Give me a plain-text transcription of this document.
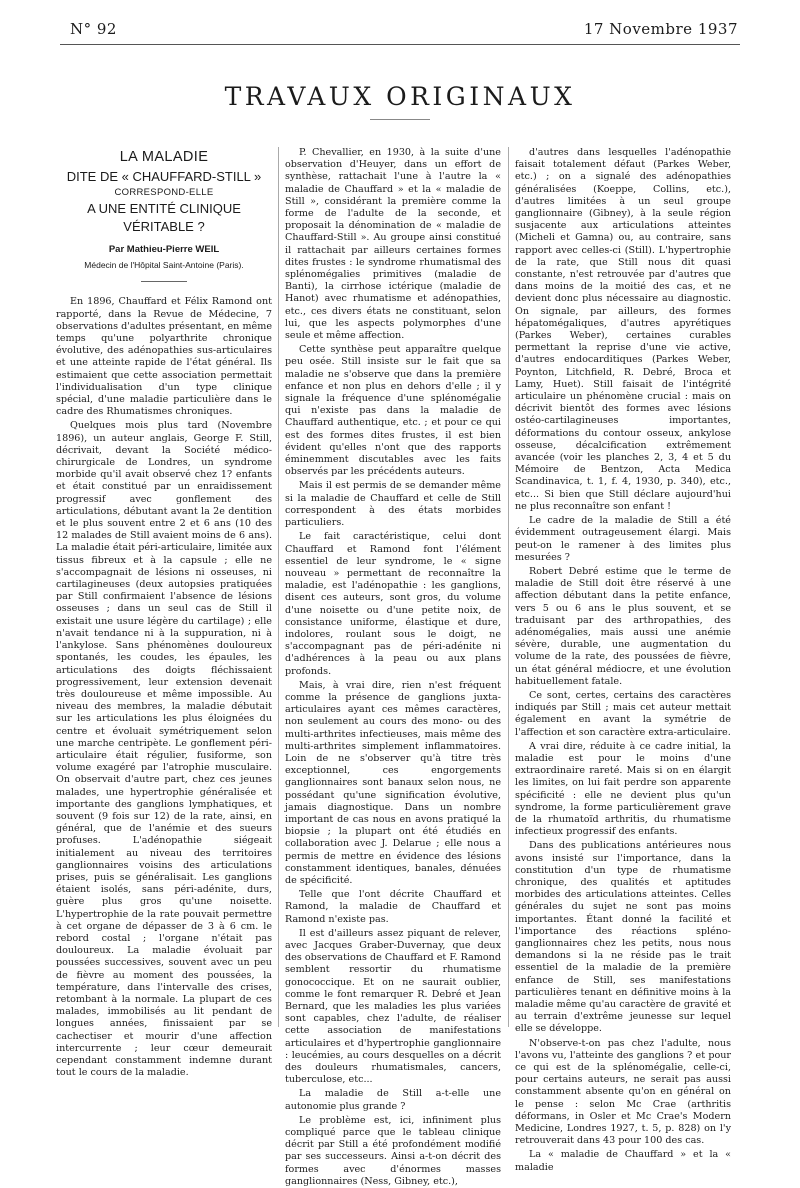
N° 92	17 Novembre 1937
TRAVAUX ORIGINAUX
LA MALADIE
DITE DE « CHAUFFARD-STILL »
CORRESPOND-ELLE
A UNE ENTITÉ CLINIQUE
VÉRITABLE ?
Par Mathieu-Pierre WEIL
Médecin de l'Hôpital Saint-Antoine (Paris).

En 1896, Chauffard et Félix Ramond ont rapporté, dans la Revue de Médecine, 7 observations d'adultes présentant, en même temps qu'une polyarthrite chronique évolutive, des adénopathies sus-articulaires et une atteinte rapide de l'état général. Ils estimaient que cette association permettait l'individualisation d'un type clinique spécial, d'une maladie particulière dans le cadre des Rhumatismes chroniques.

Quelques mois plus tard (Novembre 1896), un auteur anglais, George F. Still, décrivait, devant la Société médico-chirurgicale de Londres, un syndrome morbide qu'il avait observé chez 1? enfants et était constitué par un enraidissement progressif avec gonflement des articulations, débutant avant la 2e dentition et le plus souvent entre 2 et 6 ans (10 des 12 malades de Still avaient moins de 6 ans). La maladie était péri-articulaire, limitée aux tissus fibreux et à la capsule ; elle ne s'accompagnait de lésions ni osseuses, ni cartilagineuses (deux autopsies pratiquées par Still confirmaient l'absence de lésions osseuses ; dans un seul cas de Still il existait une usure légère du cartilage) ; elle n'avait tendance ni à la suppuration, ni à l'ankylose. Sans phénomènes douloureux spontanés, les coudes, les épaules, les articulations des doigts fléchissaient progressivement, leur extension devenait très douloureuse et même impossible. Au niveau des membres, la maladie débutait sur les articulations les plus éloignées du centre et évoluait symétriquement selon une marche centripète. Le gonflement péri-articulaire était régulier, fusiforme, son volume exagéré par l'atrophie musculaire. On observait d'autre part, chez ces jeunes malades, une hypertrophie généralisée et importante des ganglions lymphatiques, et souvent (9 fois sur 12) de la rate, ainsi, en général, que de l'anémie et des sueurs profuses. L'adénopathie siégeait initialement au niveau des territoires ganglionnaires voisins des articulations prises, puis se généralisait. Les ganglions étaient isolés, sans péri-adénite, durs, guère plus gros qu'une noisette. L'hypertrophie de la rate pouvait permettre à cet organe de dépasser de 3 à 6 cm. le rebord costal ; l'organe n'était pas douloureux. La maladie évoluait par poussées successives, souvent avec un peu de fièvre au moment des poussées, la température, dans l'intervalle des crises, retombant à la normale. La plupart de ces malades, immobilisés au lit pendant de longues années, finissaient par se cachectiser et mourir d'une affection intercurrente ; leur cœur demeurait cependant constamment indemne durant tout le cours de la maladie.

P. Chevallier, en 1930, à la suite d'une observation d'Heuyer, dans un effort de synthèse, rattachait l'une à l'autre la « maladie de Chauffard » et la « maladie de Still », considérant la première comme la forme de l'adulte de la seconde, et proposait la dénomination de « maladie de Chauffard-Still ». Au groupe ainsi constitué il rattachait par ailleurs certaines formes dites frustes : le syndrome rhumatismal des splénomégalies primitives (maladie de Banti), la cirrhose ictérique (maladie de Hanot) avec rhumatisme et adénopathies, etc., ces divers états ne constituant, selon lui, que les aspects polymorphes d'une seule et même affection.

Cette synthèse peut apparaître quelque peu osée. Still insiste sur le fait que sa maladie ne s'observe que dans la première enfance et non plus en dehors d'elle ; il y signale la fréquence d'une splénomégalie qui n'existe pas dans la maladie de Chauffard authentique, etc. ; et pour ce qui est des formes dites frustes, il est bien évident qu'elles n'ont que des rapports éminemment discutables avec les faits observés par les précédents auteurs.

Mais il est permis de se demander même si la maladie de Chauffard et celle de Still correspondent à des états morbides particuliers.

Le fait caractéristique, celui dont Chauffard et Ramond font l'élément essentiel de leur syndrome, le « signe nouveau » permettant de reconnaître la maladie, est l'adénopathie : les ganglions, disent ces auteurs, sont gros, du volume d'une noisette ou d'une petite noix, de consistance uniforme, élastique et dure, indolores, roulant sous le doigt, ne s'accompagnant pas de péri-adénite ni d'adhérences à la peau ou aux plans profonds.

Mais, à vrai dire, rien n'est fréquent comme la présence de ganglions juxta-articulaires ayant ces mêmes caractères, non seulement au cours des mono- ou des multi-arthrites infectieuses, mais même des multi-arthrites simplement inflammatoires. Loin de ne s'observer qu'à titre très exceptionnel, ces engorgements ganglionnaires sont banaux selon nous, ne possédant qu'une signification évolutive, jamais diagnostique. Dans un nombre important de cas nous en avons pratiqué la biopsie ; la plupart ont été étudiés en collaboration avec J. Delarue ; elle nous a permis de mettre en évidence des lésions constamment identiques, banales, dénuées de spécificité.

Telle que l'ont décrite Chauffard et Ramond, la maladie de Chauffard et Ramond n'existe pas.

Il est d'ailleurs assez piquant de relever, avec Jacques Graber-Duvernay, que deux des observations de Chauffard et F. Ramond semblent ressortir du rhumatisme gonococcique. Et on ne saurait oublier, comme le font remarquer R. Debré et Jean Bernard, que les maladies les plus variées sont capables, chez l'adulte, de réaliser cette association de manifestations articulaires et d'hypertrophie ganglionnaire : leucémies, au cours desquelles on a décrit des douleurs rhumatismales, cancers, tuberculose, etc...

La maladie de Still a-t-elle une autonomie plus grande ?

Le problème est, ici, infiniment plus compliqué parce que le tableau clinique décrit par Still a été profondément modifié par ses successeurs. Ainsi a-t-on décrit des formes avec d'énormes masses ganglionnaires (Ness, Gibney, etc.),

d'autres dans lesquelles l'adénopathie faisait totalement défaut (Parkes Weber, etc.) ; on a signalé des adénopathies généralisées (Koeppe, Collins, etc.), d'autres limitées à un seul groupe ganglionnaire (Gibney), à la seule région susjacente aux articulations atteintes (Micheli et Gamna) ou, au contraire, sans rapport avec celles-ci (Still). L'hypertrophie de la rate, que Still nous dit quasi constante, n'est retrouvée par d'autres que dans moins de la moitié des cas, et ne devient donc plus nécessaire au diagnostic. On signale, par ailleurs, des formes hépatomégaliques, d'autres apyrétiques (Parkes Weber), certaines curables permettant la reprise d'une vie active, d'autres endocarditiques (Parkes Weber, Poynton, Litchfield, R. Debré, Broca et Lamy, Huet). Still faisait de l'intégrité articulaire un phénomène crucial : mais on décrivit bientôt des formes avec lésions ostéo-cartilagineuses importantes, déformations du contour osseux, ankylose osseuse, décalcification extrêmement avancée (voir les planches 2, 3, 4 et 5 du Mémoire de Bentzon, Acta Medica Scandinavica, t. 1, f. 4, 1930, p. 340), etc., etc... Si bien que Still déclare aujourd'hui ne plus reconnaître son enfant !

Le cadre de la maladie de Still a été évidemment outrageusement élargi. Mais peut-on le ramener à des limites plus mesurées ?

Robert Debré estime que le terme de maladie de Still doit être réservé à une affection débutant dans la petite enfance, vers 5 ou 6 ans le plus souvent, et se traduisant par des arthropathies, des adénomégalies, mais aussi une anémie sévère, durable, une augmentation du volume de la rate, des poussées de fièvre, un état général médiocre, et une évolution habituellement fatale.

Ce sont, certes, certains des caractères indiqués par Still ; mais cet auteur mettait également en avant la symétrie de l'affection et son caractère extra-articulaire.

A vrai dire, réduite à ce cadre initial, la maladie est pour le moins d'une extraordinaire rareté. Mais si on en élargit les limites, on lui fait perdre son apparente spécificité : elle ne devient plus qu'un syndrome, la forme particulièrement grave de la rhumatoïd arthritis, du rhumatisme infectieux progressif des enfants.

Dans des publications antérieures nous avons insisté sur l'importance, dans la constitution d'un type de rhumatisme chronique, des qualités et aptitudes morbides des articulations atteintes. Celles générales du sujet ne sont pas moins importantes. Étant donné la facilité et l'importance des réactions spléno-ganglionnaires chez les petits, nous nous demandons si la ne réside pas le trait essentiel de la maladie de la première enfance de Still, ses manifestations particulières tenant en définitive moins à la maladie même qu'au caractère de gravité et au terrain d'extrême jeunesse sur lequel elle se développe.

N'observe-t-on pas chez l'adulte, nous l'avons vu, l'atteinte des ganglions ? et pour ce qui est de la splénomégalie, celle-ci, pour certains auteurs, ne serait pas aussi constamment absente qu'on en général on le pense : selon Mc Crae (arthritis déformans, in Osler et Mc Crae's Modern Medicine, Londres 1927, t. 5, p. 828) on l'y retrouverait dans 43 pour 100 des cas.

La « maladie de Chauffard » et la « maladie
